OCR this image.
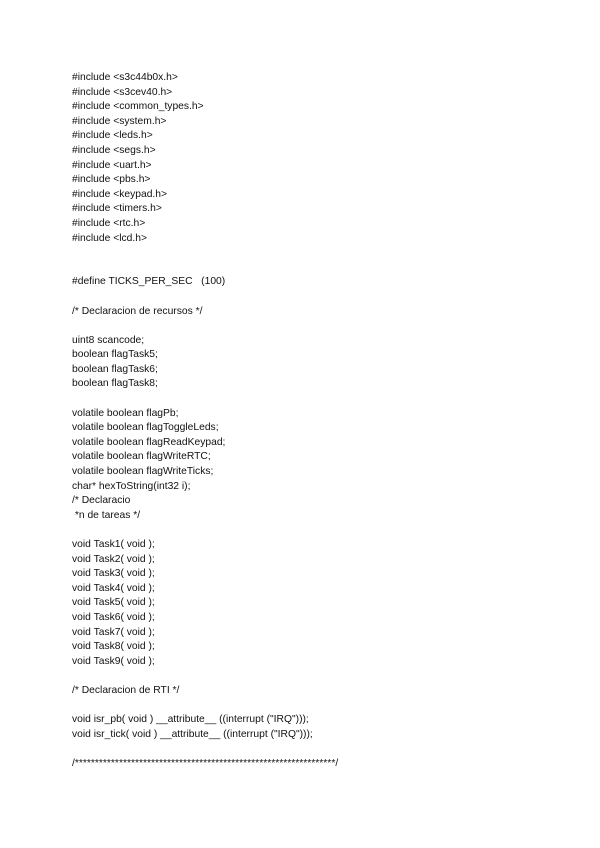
#include <s3c44b0x.h>
#include <s3cev40.h>
#include <common_types.h>
#include <system.h>
#include <leds.h>
#include <segs.h>
#include <uart.h>
#include <pbs.h>
#include <keypad.h>
#include <timers.h>
#include <rtc.h>
#include <lcd.h>
#define TICKS_PER_SEC   (100)
/* Declaracion de recursos */
uint8 scancode;
boolean flagTask5;
boolean flagTask6;
boolean flagTask8;
volatile boolean flagPb;
volatile boolean flagToggleLeds;
volatile boolean flagReadKeypad;
volatile boolean flagWriteRTC;
volatile boolean flagWriteTicks;
char* hexToString(int32 i);
/* Declaracio
*n de tareas */
void Task1( void );
void Task2( void );
void Task3( void );
void Task4( void );
void Task5( void );
void Task6( void );
void Task7( void );
void Task8( void );
void Task9( void );
/* Declaracion de RTI */
void isr_pb( void ) __attribute__ ((interrupt ("IRQ")));
void isr_tick( void ) __attribute__ ((interrupt ("IRQ")));
/*****************************************************************/
